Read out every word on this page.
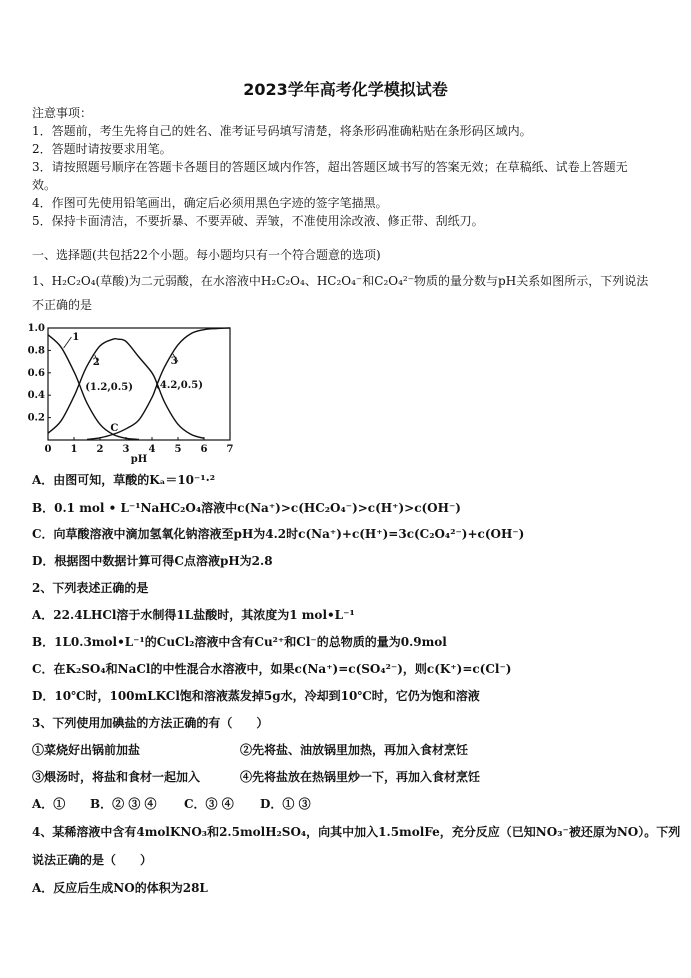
2023学年高考化学模拟试卷
注意事项：
1．答题前，考生先将自己的姓名、准考证号码填写清楚，将条形码准确粘贴在条形码区域内。
2．答题时请按要求用笔。
3．请按照题号顺序在答题卡各题目的答题区域内作答，超出答题区域书写的答案无效；在草稿纸、试卷上答题无
效。
4．作图可先使用铅笔画出，确定后必须用黑色字迹的签字笔描黑。
5．保持卡面清洁，不要折暴、不要弄破、弄皱，不准使用涂改液、修正带、刮纸刀。
一、选择题(共包括22个小题。每小题均只有一个符合题意的选项)
1、H₂C₂O₄(草酸)为二元弱酸，在水溶液中H₂C₂O₄、HC₂O₄⁻和C₂O₄²⁻物质的量分数与pH关系如图所示，下列说法
不正确的是
0 1 2 3 4 5 6 7
0.2
0.4
0.6
0.8
1.0
pH
1
2	3
(1.2,0.5) (4.2,0.5)
C
A．由图可知，草酸的Kₐ＝10⁻¹·²
B．0.1 mol • L⁻¹NaHC₂O₄溶液中c(Na⁺)>c(HC₂O₄⁻)>c(H⁺)>c(OH⁻)
C．向草酸溶液中滴加氢氧化钠溶液至pH为4.2时c(Na⁺)+c(H⁺)=3c(C₂O₄²⁻)+c(OH⁻)
D．根据图中数据计算可得C点溶液pH为2.8
2、下列表述正确的是
A．22.4LHCl溶于水制得1L盐酸时，其浓度为1 mol•L⁻¹
B．1L0.3mol•L⁻¹的CuCl₂溶液中含有Cu²⁺和Cl⁻的总物质的量为0.9mol
C．在K₂SO₄和NaCl的中性混合水溶液中，如果c(Na⁺)=c(SO₄²⁻)，则c(K⁺)=c(Cl⁻)
D．10℃时，100mLKCl饱和溶液蒸发掉5g水，冷却到10℃时，它仍为饱和溶液
3、下列使用加碘盐的方法正确的有（　　）
①菜烧好出锅前加盐	②先将盐、油放锅里加热，再加入食材烹饪
③煨汤时，将盐和食材一起加入	④先将盐放在热锅里炒一下，再加入食材烹饪
A．① B．② ③ ④ C．③ ④ D．① ③
4、某稀溶液中含有4molKNO₃和2.5molH₂SO₄，向其中加入1.5molFe，充分反应（已知NO₃⁻被还原为NO）。下列
说法正确的是（　　）
A．反应后生成NO的体积为28L
